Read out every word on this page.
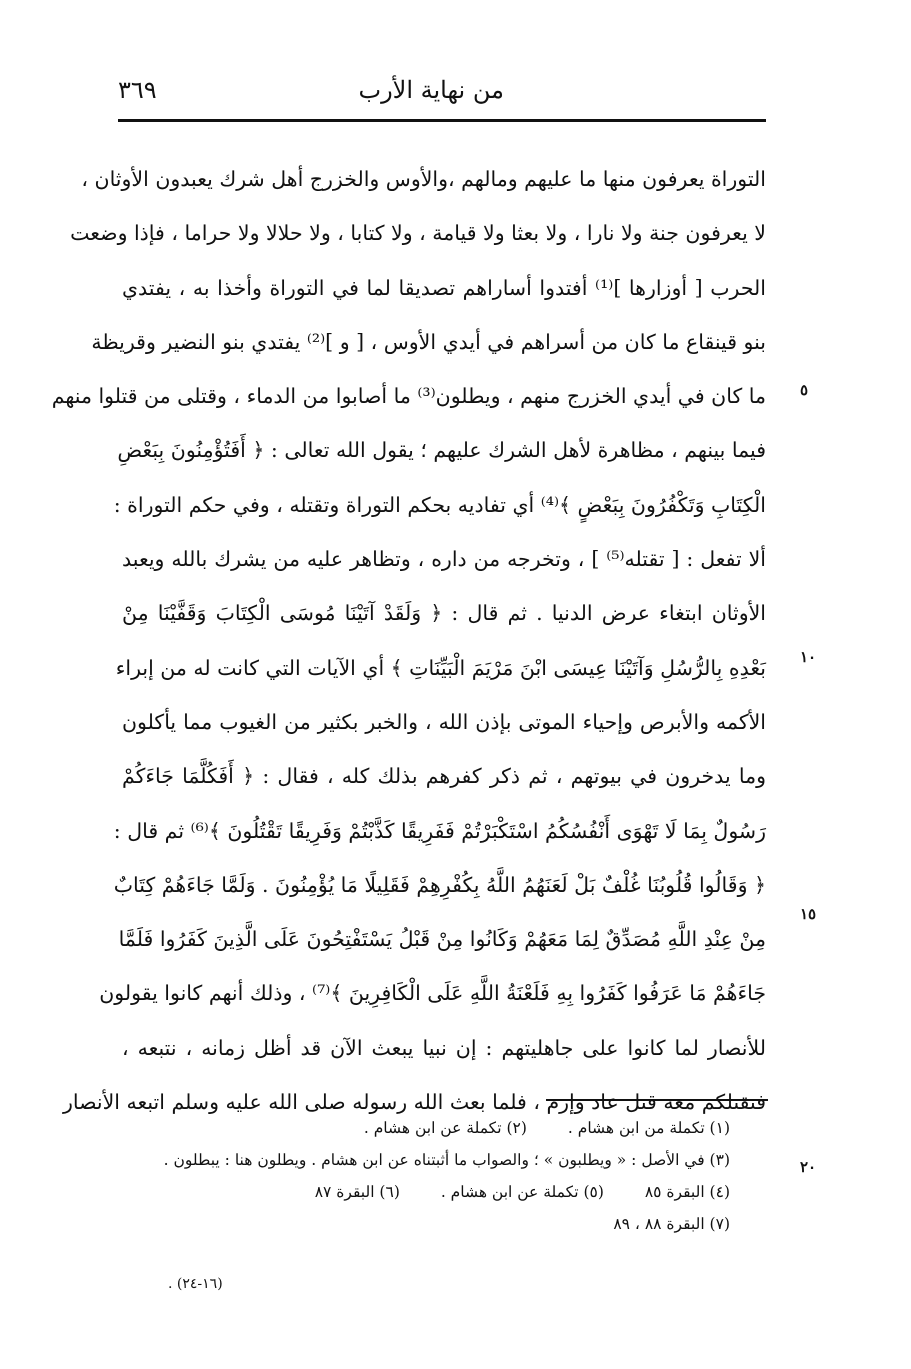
من نهاية الأرب
٣٦٩
التوراة يعرفون منها ما عليهم ومالهم ،والأوس والخزرج أهل شرك يعبدون الأوثان ،
لا يعرفون جنة ولا نارا ، ولا بعثا ولا قيامة ، ولا كتابا ، ولا حلالا ولا حراما ، فإذا وضعت
الحرب [ أوزارها ]⁽¹⁾ أفتدوا أساراهم تصديقا لما في التوراة وأخذا به ، يفتدي
بنو قينقاع ما كان من أسراهم في أيدي الأوس ، [ و ]⁽²⁾ يفتدي بنو النضير وقريظة
ما كان في أيدي الخزرج منهم ، ويطلون⁽³⁾ ما أصابوا من الدماء ، وقتلى من قتلوا منهم
فيما بينهم ، مظاهرة لأهل الشرك عليهم ؛ يقول الله تعالى : ﴿ أَفَتُؤْمِنُونَ بِبَعْضِ
الْكِتَابِ وَتَكْفُرُونَ بِبَعْضٍ ﴾⁽⁴⁾ أي تفاديه بحكم التوراة وتقتله ، وفي حكم التوراة :
ألا تفعل : [ تقتله⁽⁵⁾ ] ، وتخرجه من داره ، وتظاهر عليه من يشرك بالله ويعبد
الأوثان ابتغاء عرض الدنيا . ثم قال : ﴿ وَلَقَدْ آتَيْنَا مُوسَى الْكِتَابَ وَقَفَّيْنَا مِنْ
بَعْدِهِ بِالرُّسُلِ وَآتَيْنَا عِيسَى ابْنَ مَرْيَمَ الْبَيِّنَاتِ ﴾ أي الآيات التي كانت له من إبراء
الأكمه والأبرص وإحياء الموتى بإذن الله ، والخبر بكثير من الغيوب مما يأكلون
وما يدخرون في بيوتهم ، ثم ذكر كفرهم بذلك كله ، فقال : ﴿ أَفَكُلَّمَا جَاءَكُمْ
رَسُولٌ بِمَا لَا تَهْوَى أَنْفُسُكُمُ اسْتَكْبَرْتُمْ فَفَرِيقًا كَذَّبْتُمْ وَفَرِيقًا تَقْتُلُونَ ﴾⁽⁶⁾ ثم قال :
﴿ وَقَالُوا قُلُوبُنَا غُلْفٌ بَلْ لَعَنَهُمُ اللَّهُ بِكُفْرِهِمْ فَقَلِيلًا مَا يُؤْمِنُونَ . وَلَمَّا جَاءَهُمْ كِتَابٌ
مِنْ عِنْدِ اللَّهِ مُصَدِّقٌ لِمَا مَعَهُمْ وَكَانُوا مِنْ قَبْلُ يَسْتَفْتِحُونَ عَلَى الَّذِينَ كَفَرُوا فَلَمَّا
جَاءَهُمْ مَا عَرَفُوا كَفَرُوا بِهِ فَلَعْنَةُ اللَّهِ عَلَى الْكَافِرِينَ ﴾⁽⁷⁾ ، وذلك أنهم كانوا يقولون
للأنصار لما كانوا على جاهليتهم : إن نبيا يبعث الآن قد أظل زمانه ، نتبعه ،
فنقتلكم معه قتل عاد وإرم ، فلما بعث الله رسوله صلى الله عليه وسلم اتبعه الأنصار
٥
١٠
١٥
٢٠
(١) تكملة من ابن هشام . (٢) تكملة عن ابن هشام .
(٣) في الأصل : « ويطلبون » ؛ والصواب ما أثبتناه عن ابن هشام . ويطلون هنا : يبطلون .
(٤) البقرة ٨٥ (٥) تكملة عن ابن هشام . (٦) البقرة ٨٧
(٧) البقرة ٨٨ ، ٨٩
(١٦-٢٤) .
